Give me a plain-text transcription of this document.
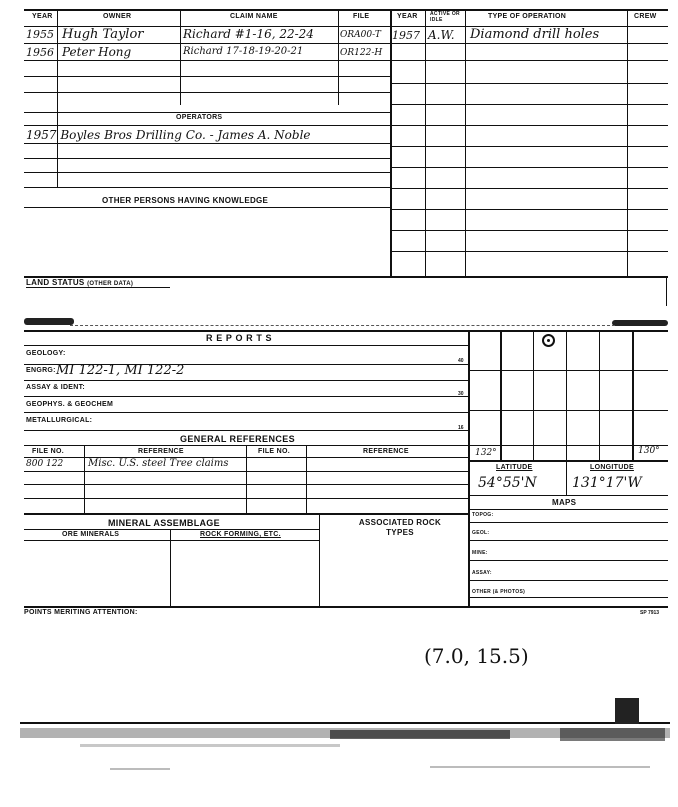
YEAR	OWNER	CLAIM NAME	FILE	YEAR ACTIVE OR IDLE	TYPE OF OPERATION	CREW
1955 Hugh Taylor	Richard #1-16, 22-24	ORA00-T
1956 Peter Hong	Richard 17-18-19-20-21	OR122-H
1957 A.W. Diamond drill holes
OPERATORS
1957 Boyles Bros Drilling Co. - James A. Noble
OTHER PERSONS HAVING KNOWLEDGE
LAND STATUS (OTHER DATA)
R E P O R T S
GEOLOGY:
40
ENGRG: MI 122-1, MI 122-2
ASSAY & IDENT:
30
GEOPHYS. & GEOCHEM
METALLURGICAL:
16
GENERAL REFERENCES
FILE NO.	REFERENCE	FILE NO.	REFERENCE
800 122 Misc. U.S. steel Tree claims
132°	130°
LATITUDE	LONGITUDE
54°55'N	131°17'W
MAPS
TOPOG:
GEOL:
MINE:
ASSAY:
OTHER (& PHOTOS)
MINERAL ASSEMBLAGE
ORE MINERALS	ROCK FORMING, ETC.
ASSOCIATED ROCK TYPES
POINTS MERITING ATTENTION:	SP 7913
(7.0, 15.5)
